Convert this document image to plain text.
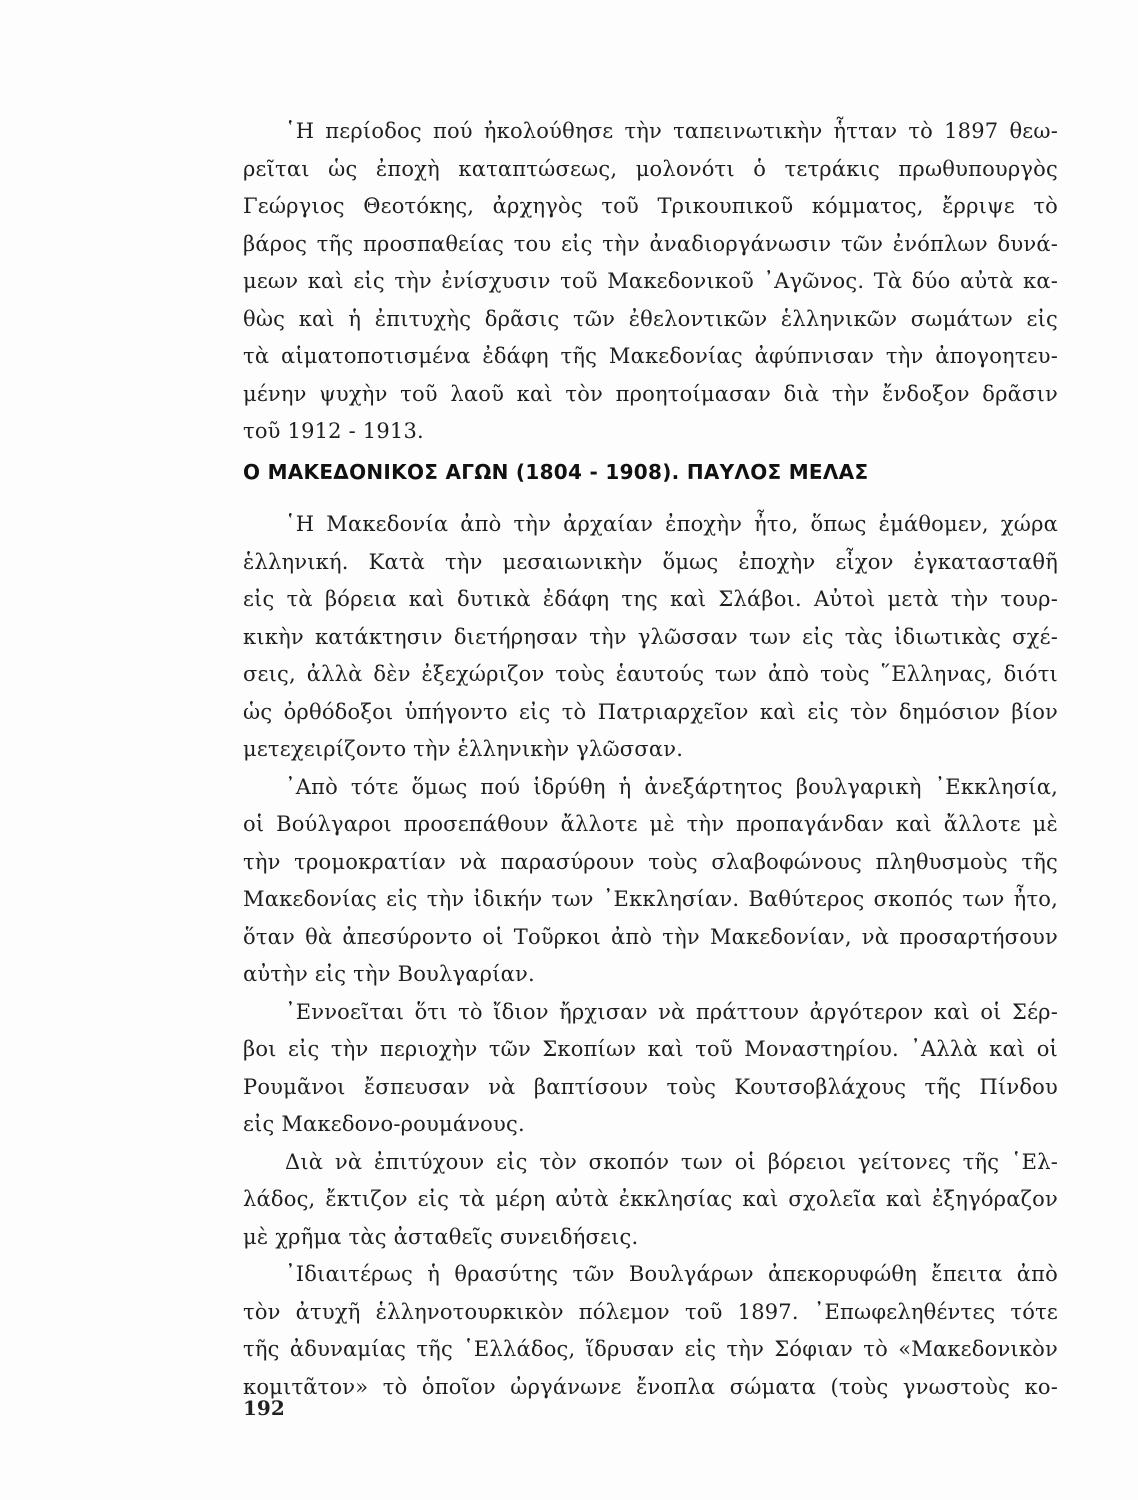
῾Η περίοδος πού ἠκολούθησε τὴν ταπεινωτικὴν ἧτταν τὸ 1897 θεω-
ρεῖται ὡς ἐποχὴ καταπτώσεως, μολονότι ὁ τετράκις πρωθυπουργὸς
Γεώργιος Θεοτόκης, ἀρχηγὸς τοῦ Τρικουπικοῦ κόμματος, ἔρριψε τὸ
βάρος τῆς προσπαθείας του εἰς τὴν ἀναδιοργάνωσιν τῶν ἐνόπλων δυνά-
μεων καὶ εἰς τὴν ἐνίσχυσιν τοῦ Μακεδονικοῦ ᾿Αγῶνος. Τὰ δύο αὐτὰ κα-
θὼς καὶ ἡ ἐπιτυχὴς δρᾶσις τῶν ἐθελοντικῶν ἑλληνικῶν σωμάτων εἰς
τὰ αἱματοποτισμένα ἐδάφη τῆς Μακεδονίας ἀφύπνισαν τὴν ἀπογοητευ-
μένην ψυχὴν τοῦ λαοῦ καὶ τὸν προητοίμασαν διὰ τὴν ἔνδοξον δρᾶσιν
τοῦ 1912 - 1913.
Ο ΜΑΚΕΔΟΝΙΚΟΣ ΑΓΩΝ (1804 - 1908). ΠΑΥΛΟΣ ΜΕΛΑΣ
῾Η Μακεδονία ἀπὸ τὴν ἀρχαίαν ἐποχὴν ἦτο, ὅπως ἐμάθομεν, χώρα
ἑλληνική. Κατὰ τὴν μεσαιωνικὴν ὅμως ἐποχὴν εἶχον ἐγκατασταθῆ
εἰς τὰ βόρεια καὶ δυτικὰ ἐδάφη της καὶ Σλάβοι. Αὐτοὶ μετὰ τὴν τουρ-
κικὴν κατάκτησιν διετήρησαν τὴν γλῶσσαν των εἰς τὰς ἰδιωτικὰς σχέ-
σεις, ἀλλὰ δὲν ἐξεχώριζον τοὺς ἑαυτούς των ἀπὸ τοὺς ῞Ελληνας, διότι
ὡς ὀρθόδοξοι ὑπήγοντο εἰς τὸ Πατριαρχεῖον καὶ εἰς τὸν δημόσιον βίον
μετεχειρίζοντο τὴν ἑλληνικὴν γλῶσσαν.
᾿Απὸ τότε ὅμως πού ἱδρύθη ἡ ἀνεξάρτητος βουλγαρικὴ ᾿Εκκλησία,
οἱ Βούλγαροι προσεπάθουν ἄλλοτε μὲ τὴν προπαγάνδαν καὶ ἄλλοτε μὲ
τὴν τρομοκρατίαν νὰ παρασύρουν τοὺς σλαβοφώνους πληθυσμοὺς τῆς
Μακεδονίας εἰς τὴν ἰδικήν των ᾿Εκκλησίαν. Βαθύτερος σκοπός των ἦτο,
ὅταν θὰ ἀπεσύροντο οἱ Τοῦρκοι ἀπὸ τὴν Μακεδονίαν, νὰ προσαρτήσουν
αὐτὴν εἰς τὴν Βουλγαρίαν.
᾿Εννοεῖται ὅτι τὸ ἴδιον ἤρχισαν νὰ πράττουν ἀργότερον καὶ οἱ Σέρ-
βοι εἰς τὴν περιοχὴν τῶν Σκοπίων καὶ τοῦ Μοναστηρίου. ᾿Αλλὰ καὶ οἱ
Ρουμᾶνοι ἔσπευσαν νὰ βαπτίσουν τοὺς Κουτσοβλάχους τῆς Πίνδου
εἰς Μακεδονο-ρουμάνους.
Διὰ νὰ ἐπιτύχουν εἰς τὸν σκοπόν των οἱ βόρειοι γείτονες τῆς ῾Ελ-
λάδος, ἔκτιζον εἰς τὰ μέρη αὐτὰ ἐκκλησίας καὶ σχολεῖα καὶ ἐξηγόραζον
μὲ χρῆμα τὰς ἀσταθεῖς συνειδήσεις.
᾿Ιδιαιτέρως ἡ θρασύτης τῶν Βουλγάρων ἀπεκορυφώθη ἔπειτα ἀπὸ
τὸν ἀτυχῆ ἑλληνοτουρκικὸν πόλεμον τοῦ 1897. ᾿Επωφεληθέντες τότε
τῆς ἀδυναμίας τῆς ῾Ελλάδος, ἵδρυσαν εἰς τὴν Σόφιαν τὸ «Μακεδονικὸν
κομιτᾶτον» τὸ ὁποῖον ὠργάνωνε ἔνοπλα σώματα (τοὺς γνωστοὺς κο-
192
